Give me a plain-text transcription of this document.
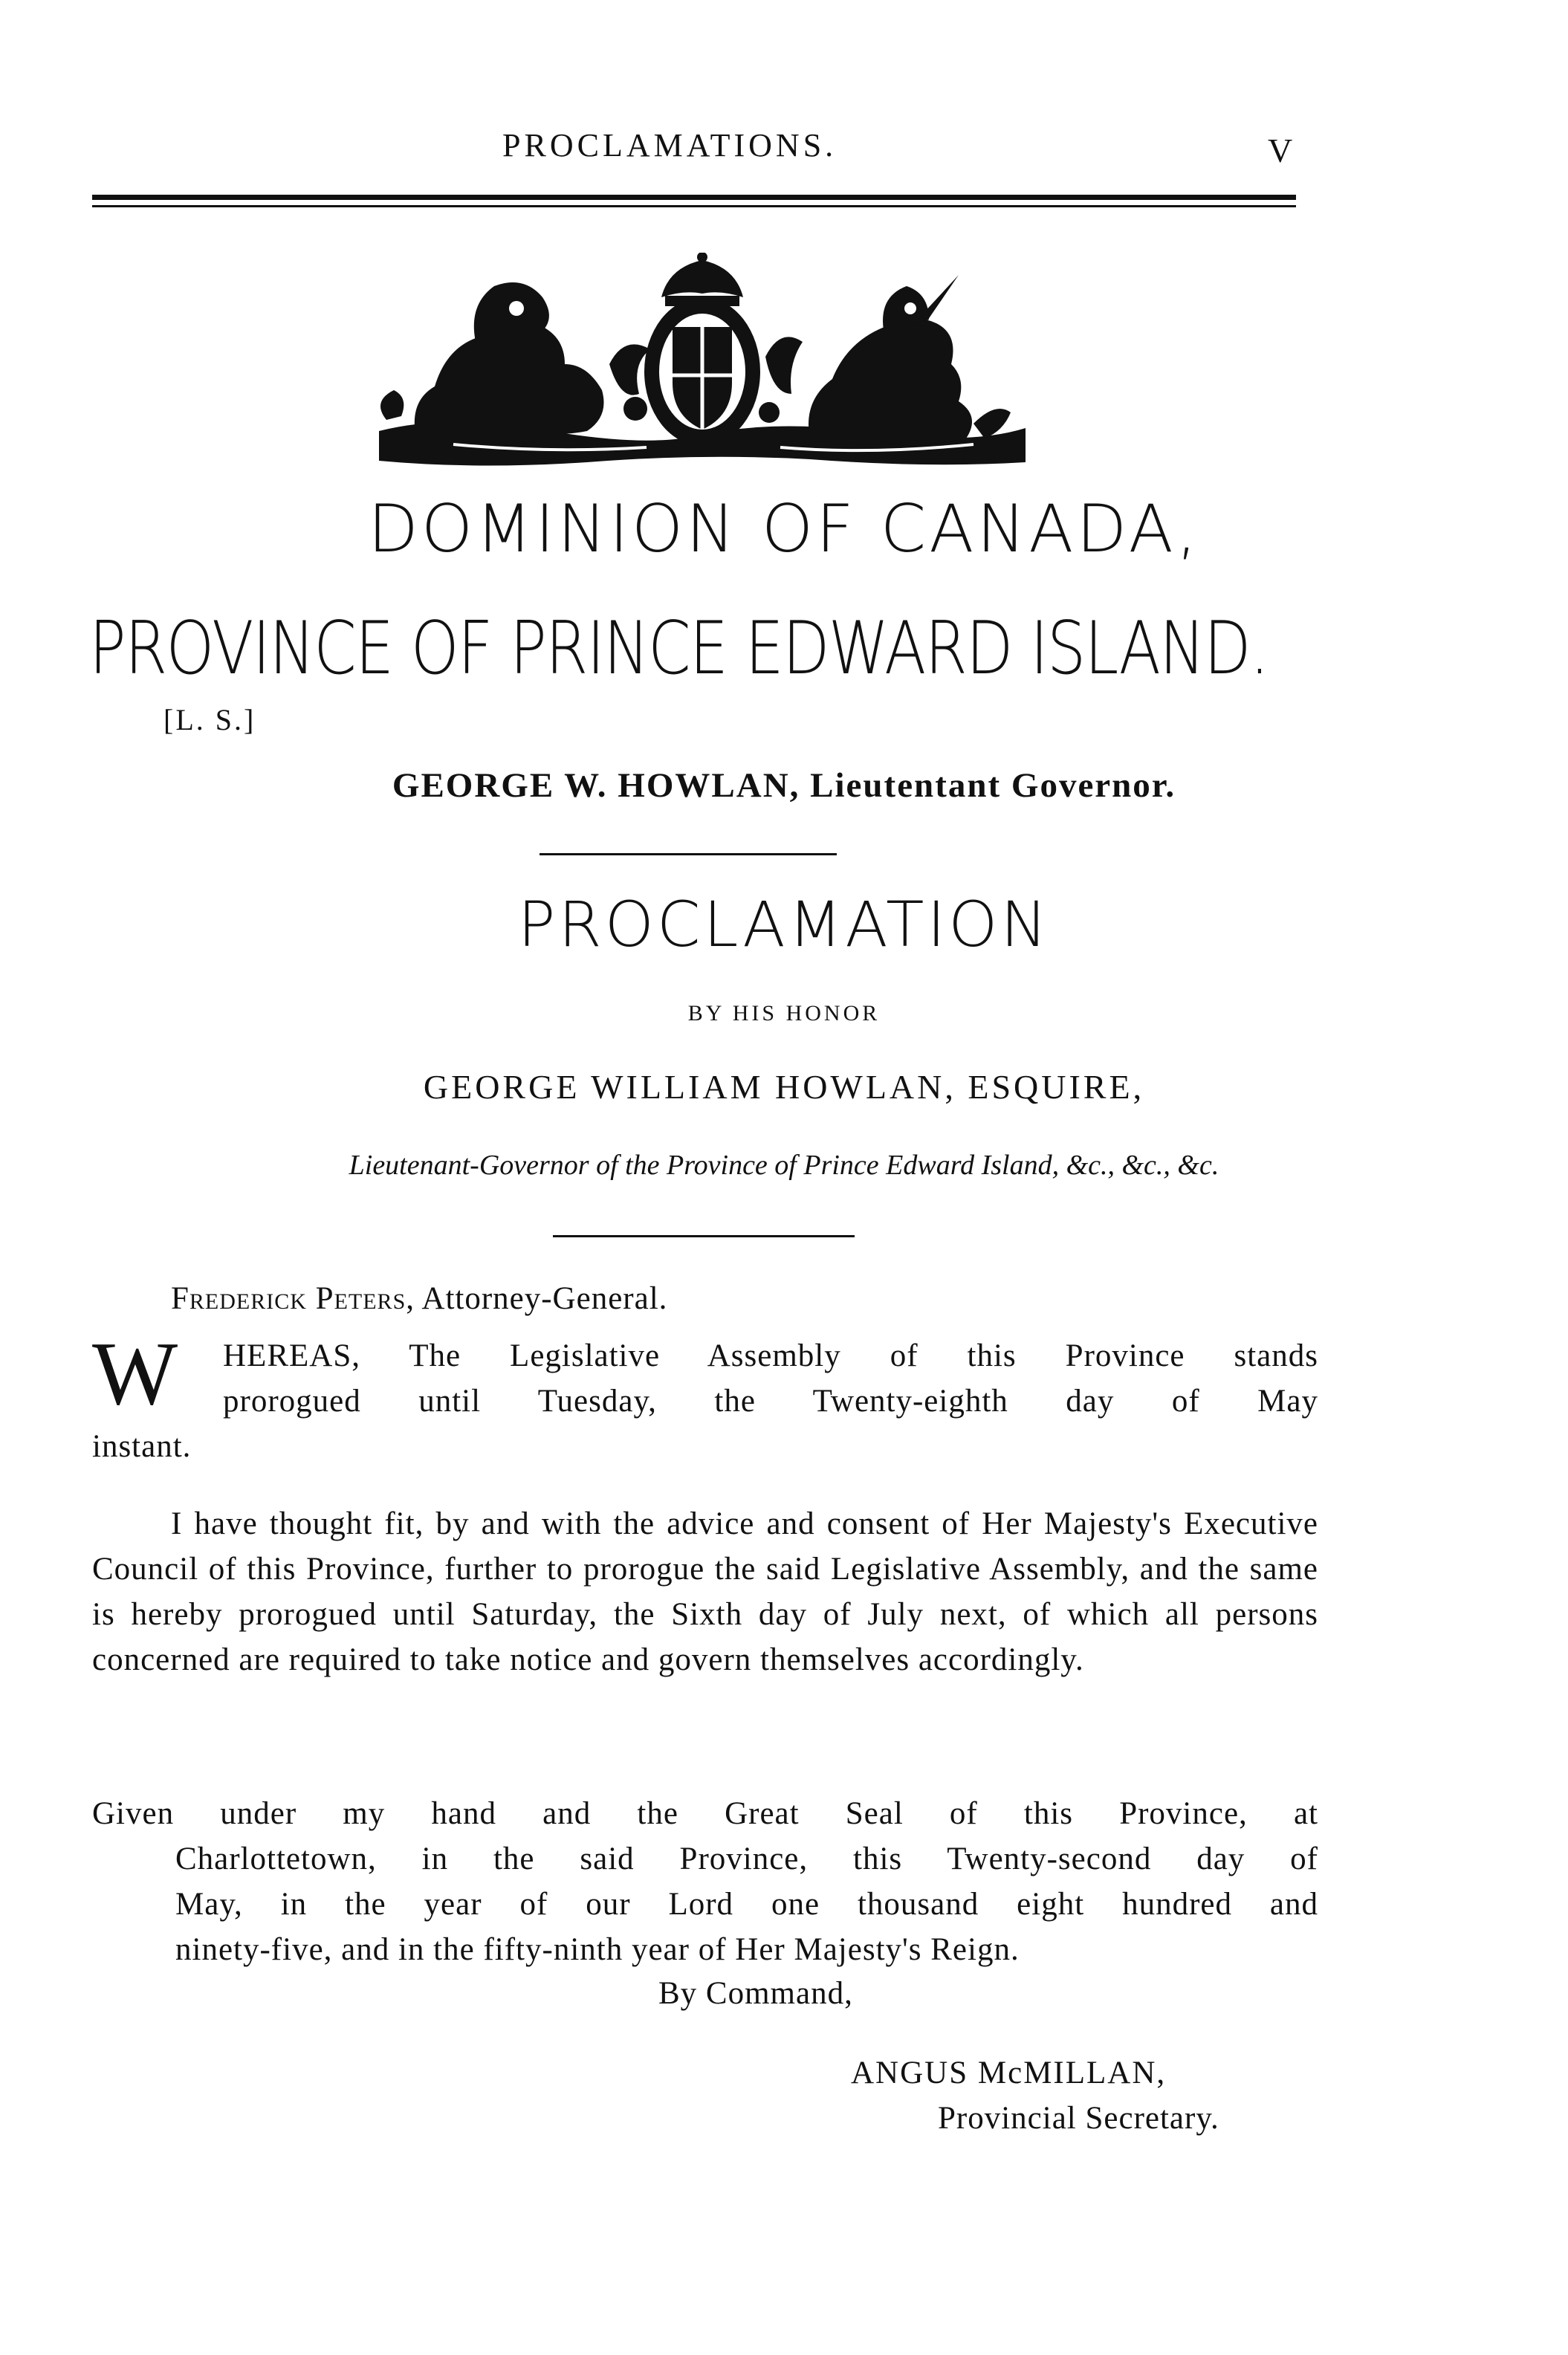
PROCLAMATIONS.	V
DOMINION OF CANADA,
PROVINCE OF PRINCE EDWARD ISLAND.
[L. S.]
GEORGE W. HOWLAN, Lieutentant Governor.
PROCLAMATION
BY HIS HONOR
GEORGE WILLIAM HOWLAN, ESQUIRE,
Lieutenant-Governor of the Province of Prince Edward Island, &c., &c., &c.
Frederick Peters, Attorney-General.
W HEREAS, The Legislative Assembly of this Province stands
prorogued until Tuesday, the Twenty-eighth day of May
instant.
I have thought fit, by and with the advice and consent of Her Majesty's Executive Council of this Province, further to prorogue the said Legislative Assembly, and the same is hereby prorogued until Saturday, the Sixth day of July next, of which all persons concerned are required to take notice and govern themselves accordingly.
Given under my hand and the Great Seal of this Province, at
Charlottetown, in the said Province, this Twenty-second day of
May, in the year of our Lord one thousand eight hundred and
ninety-five, and in the fifty-ninth year of Her Majesty's Reign.
By Command,
ANGUS McMILLAN,
Provincial Secretary.
